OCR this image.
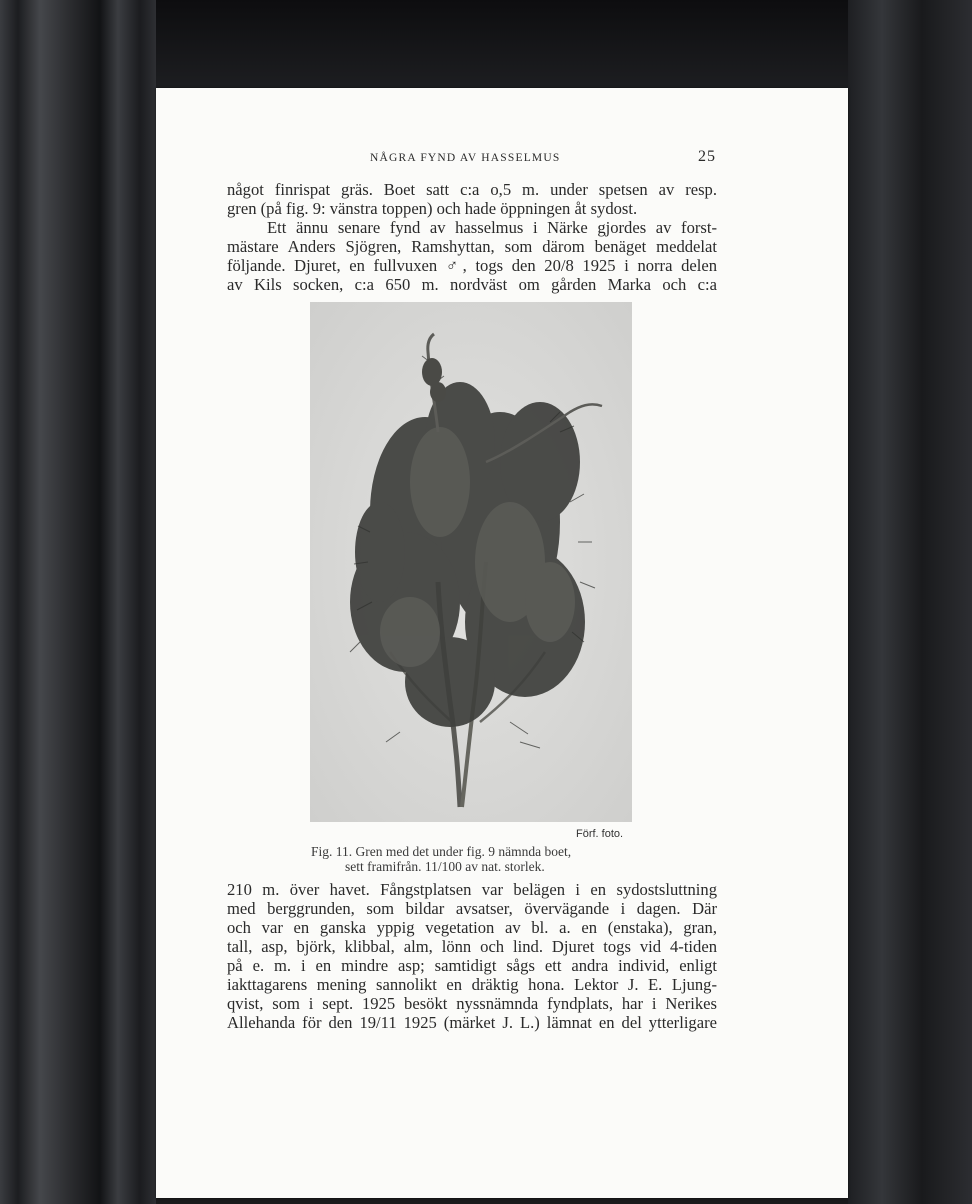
NÅGRA FYND AV HASSELMUS	25
något finrispat gräs. Boet satt c:a o,5 m. under spetsen av resp.
gren (på fig. 9: vänstra toppen) och hade öppningen åt sydost.
Ett ännu senare fynd av hasselmus i Närke gjordes av forst-
mästare Anders Sjögren, Ramshyttan, som därom benäget meddelat
följande. Djuret, en fullvuxen ♂, togs den 20/8 1925 i norra delen
av Kils socken, c:a 650 m. nordväst om gården Marka och c:a
Förf. foto.
Fig. 11. Gren med det under fig. 9 nämnda boet,
sett framifrån. 11/100 av nat. storlek.
210 m. över havet. Fångstplatsen var belägen i en sydostsluttning
med berggrunden, som bildar avsatser, övervägande i dagen. Där
och var en ganska yppig vegetation av bl. a. en (enstaka), gran,
tall, asp, björk, klibbal, alm, lönn och lind. Djuret togs vid 4-tiden
på e. m. i en mindre asp; samtidigt sågs ett andra individ, enligt
iakttagarens mening sannolikt en dräktig hona. Lektor J. E. Ljung-
qvist, som i sept. 1925 besökt nyssnämnda fyndplats, har i Nerikes
Allehanda för den 19/11 1925 (märket J. L.) lämnat en del ytterligare
